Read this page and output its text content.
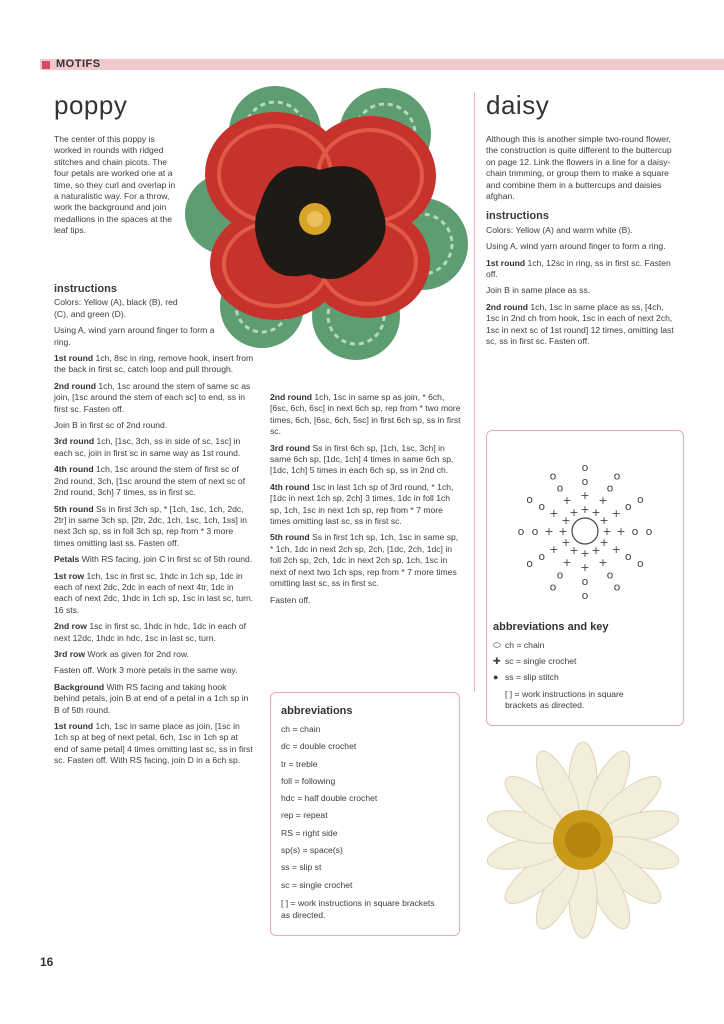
MOTIFS
poppy

The center of this poppy is worked in rounds with ridged stitches and chain picots. The four petals are worked one at a time, so they curl and overlap in a naturalistic way. For a throw, work the background and join medallions in the spaces at the leaf tips.

instructions

Colors: Yellow (A), black (B), red (C), and green (D).

Using A, wind yarn around finger to form a ring.

1st round 1ch, 8sc in ring, remove hook, insert from the back in first sc, catch loop and pull through.

2nd round 1ch, 1sc around the stem of same sc as join, [1sc around the stem of each sc] to end, ss in first sc. Fasten off.

Join B in first sc of 2nd round.

3rd round 1ch, [1sc, 3ch, ss in side of sc, 1sc] in each sc, join in first sc in same way as 1st round.

4th round 1ch, 1sc around the stem of first sc of 2nd round, 3ch, [1sc around the stem of next sc of 2nd round, 3ch] 7 times, ss in first sc.

5th round Ss in first 3ch sp, * [1ch, 1sc, 1ch, 2dc, 2tr] in same 3ch sp, [2tr, 2dc, 1ch, 1sc, 1ch, 1ss] in next 3ch sp, ss in foll 3ch sp, rep from * 3 more times omitting last ss. Fasten off.

Petals With RS facing, join C in first sc of 5th round.

1st row 1ch, 1sc in first sc, 1hdc in 1ch sp, 1dc in each of next 2dc, 2dc in each of next 4tr, 1dc in each of next 2dc, 1hdc in 1ch sp, 1sc in last sc, turn. 16 sts.

2nd row 1sc in first sc, 1hdc in hdc, 1dc in each of next 12dc, 1hdc in hdc, 1sc in last sc, turn.

3rd row Work as given for 2nd row.

Fasten off. Work 3 more petals in the same way.

Background With RS facing and taking hook behind petals, join B at end of a petal in a 1ch sp in B of 5th round.

1st round 1ch, 1sc in same place as join, [1sc in 1ch sp at beg of next petal, 6ch, 1sc in 1ch sp at end of same petal] 4 times omitting last sc, ss in first sc. Fasten off. With RS facing, join D in a 6ch sp.

2nd round 1ch, 1sc in same sp as join, * 6ch, [6sc, 6ch, 6sc] in next 6ch sp, rep from * two more times, 6ch, [6sc, 6ch, 5sc] in first 6ch sp, ss in first sc.

3rd round Ss in first 6ch sp, [1ch, 1sc, 3ch] in same 6ch sp, [1dc, 1ch] 4 times in same 6ch sp, [1dc, 1ch] 5 times in each 6ch sp, ss in 2nd ch.

4th round 1sc in last 1ch sp of 3rd round, * 1ch, [1dc in next 1ch sp, 2ch] 3 times, 1dc in foll 1ch sp, 1ch, 1sc in next 1ch sp, rep from * 7 more times omitting last sc, ss in first sc.

5th round Ss in first 1ch sp, 1ch, 1sc in same sp, * 1ch, 1dc in next 2ch sp, 2ch, [1dc, 2ch, 1dc] in foll 2ch sp, 2ch, 1dc in next 2ch sp, 1ch, 1sc in next of next two 1ch sps, rep from * 7 more times omitting last sc, ss in first sc.

Fasten off.

abbreviations
ch = chain
dc = double crochet
tr = treble
foll = following
hdc = half double crochet
rep = repeat
RS = right side
sp(s) = space(s)
ss = slip st
sc = single crochet
[ ] = work instructions in square brackets as directed.
daisy

Although this is another simple two-round flower, the construction is quite different to the buttercup on page 12. Link the flowers in a line for a daisy-chain trimming, or group them to make a square and combine them in a buttercups and daisies afghan.

instructions

Colors: Yellow (A) and warm white (B).

Using A, wind yarn around finger to form a ring.

1st round 1ch, 12sc in ring, ss in first sc. Fasten off.

Join B in same place as ss.

2nd round 1ch, 1sc in same place as ss, [4ch, 1sc in 2nd ch from hook, 1sc in each of next 2ch, 1sc in next sc of 1st round] 12 times, omitting last sc, ss in first sc. Fasten off.

+
+
o
o
+
+
o
o
+
+
o
o
+ + o o
+
+
o
o
+
+
o
o
+
+
o
o
+
+
o
o
+
+
o
o
+
+
o
o
+
+
o
o
+
+
o
o
abbreviations and key
⬭ ch = chain
✚ sc = single crochet
● ss = slip stitch
[ ] = work instructions in square brackets as directed.
16
